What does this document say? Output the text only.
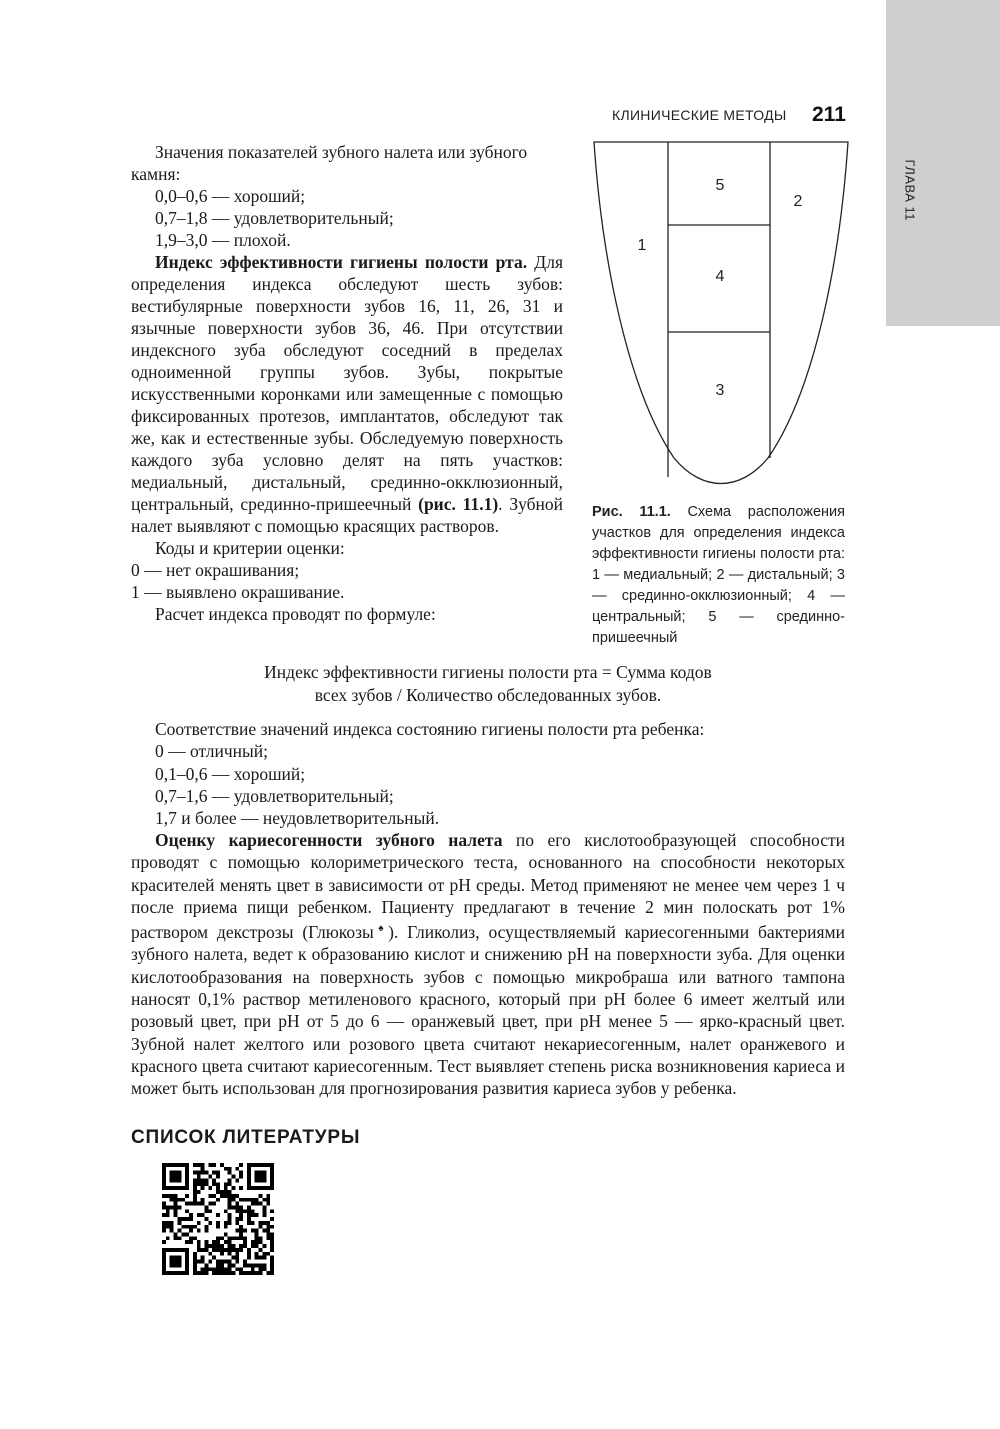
ГЛАВА 11
КЛИНИЧЕСКИЕ МЕТОДЫ 211

Значения показателей зубного налета или зубного камня:

0,0–0,6 — хороший;

0,7–1,8 — удовлетворительный;

1,9–3,0 — плохой.

Индекс эффективности гигиены полости рта. Для определения индекса обследуют шесть зубов: вестибулярные поверхности зубов 16, 11, 26, 31 и язычные поверхности зубов 36, 46. При отсутствии индексного зуба обследуют соседний в пределах одноименной группы зубов. Зубы, покрытые искусственными коронками или замещенные с помощью фиксированных протезов, имплантатов, обследуют так же, как и естественные зубы. Обследуемую поверхность каждого зуба условно делят на пять участков: медиальный, дистальный, срединно-окклюзионный, центральный, срединно-пришеечный (рис. 11.1). Зубной налет выявляют с помощью красящих растворов.

Коды и критерии оценки:

0 — нет окрашивания;

1 — выявлено окрашивание.

Расчет индекса проводят по формуле:

1
2
3
4
5
Рис. 11.1. Схема расположения участков для определения индекса эффективности гигиены полости рта: 1 — медиальный; 2 — дистальный; 3 — срединно-окклюзионный; 4 — центральный; 5 — срединно-пришеечный
Индекс эффективности гигиены полости рта = Сумма кодов
всех зубов / Количество обследованных зубов.

Соответствие значений индекса состоянию гигиены полости рта ребенка:

0 — отличный;

0,1–0,6 — хороший;

0,7–1,6 — удовлетворительный;

1,7 и более — неудовлетворительный.

Оценку кариесогенности зубного налета по его кислотообразующей способности проводят с помощью колориметрического теста, основанного на способности некоторых красителей менять цвет в зависимости от pH среды. Метод применяют не менее чем через 1 ч после приема пищи ребенком. Пациенту предлагают в течение 2 мин полоскать рот 1% раствором декстрозы (Глюкозы♠). Гликолиз, осуществляемый кариесогенными бактериями зубного налета, ведет к образованию кислот и снижению pH на поверхности зуба. Для оценки кислотообразования на поверхность зубов с помощью микробраша или ватного тампона наносят 0,1% раствор метиленового красного, который при pH более 6 имеет желтый или розовый цвет, при pH от 5 до 6 — оранжевый цвет, при pH менее 5 — ярко-красный цвет. Зубной налет желтого или розового цвета считают некариесогенным, налет оранжевого и красного цвета считают кариесогенным. Тест выявляет степень риска возникновения кариеса и может быть использован для прогнозирования развития кариеса зубов у ребенка.

СПИСОК ЛИТЕРАТУРЫ
